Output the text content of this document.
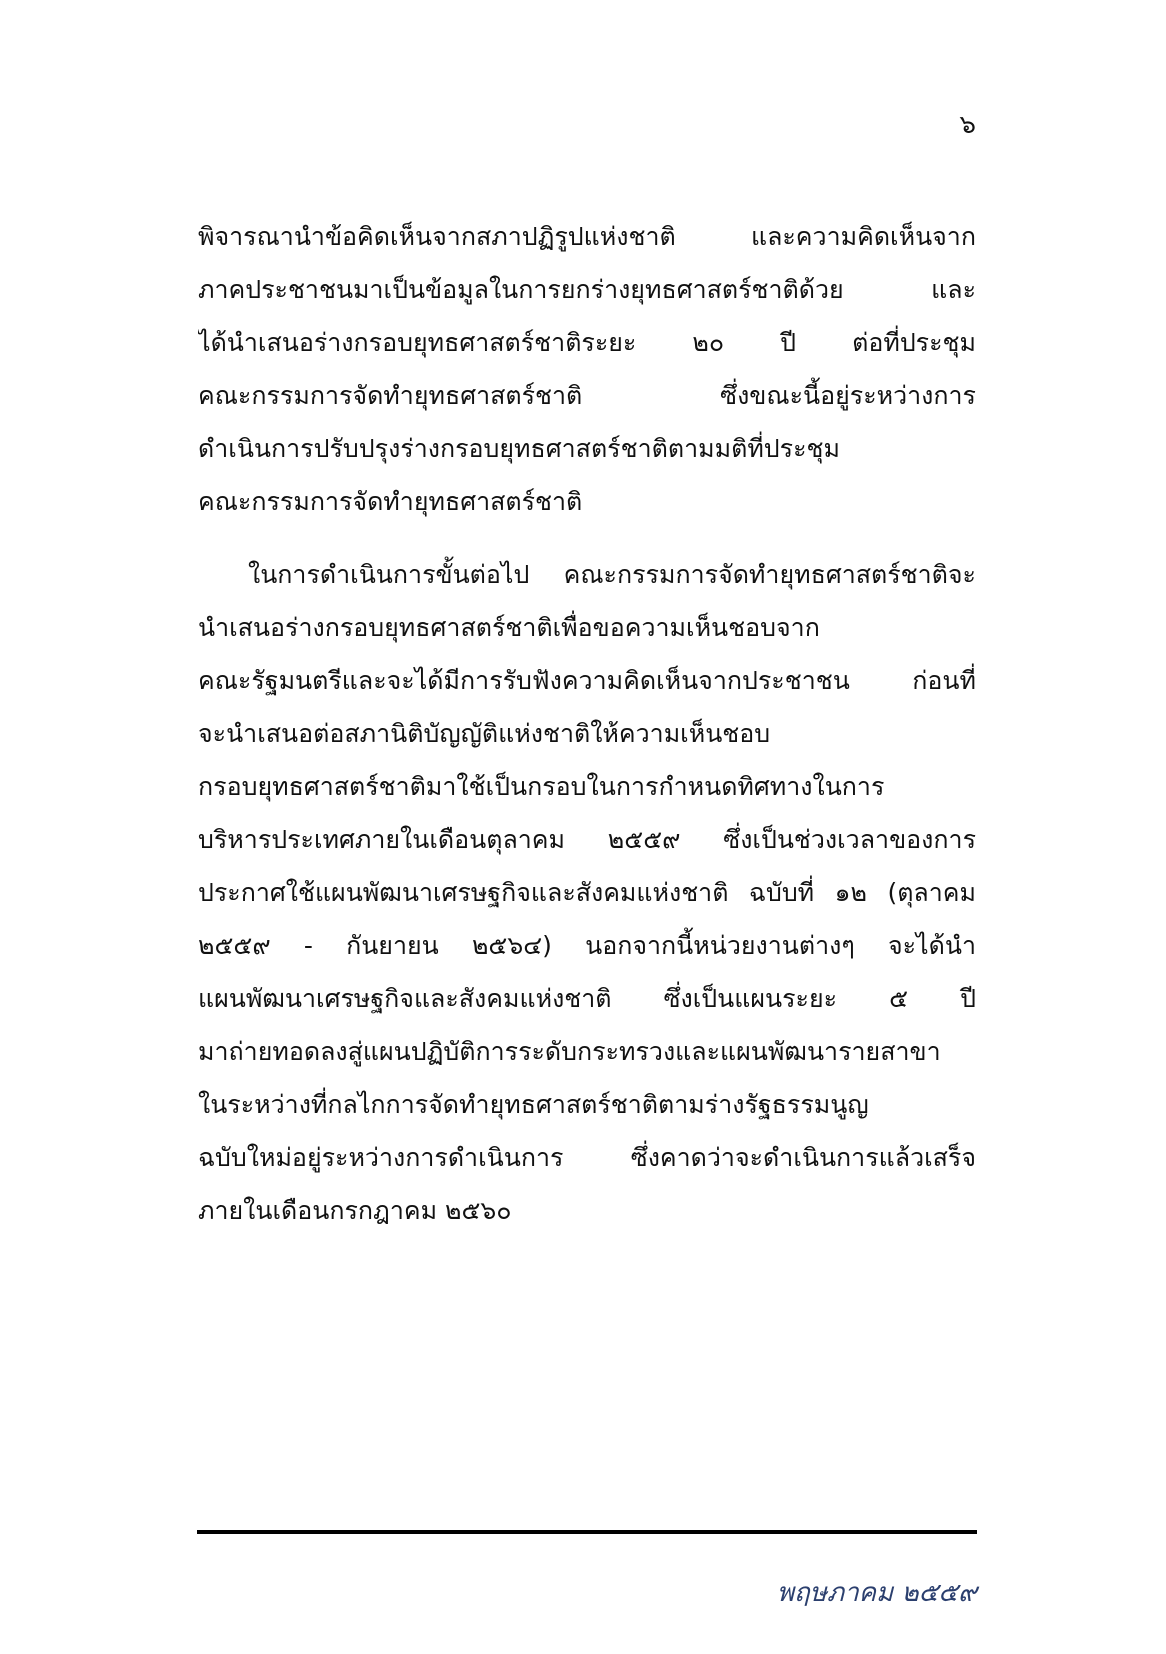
๖
พิจารณานำข้อคิดเห็นจากสภาปฏิรูปแห่งชาติ และความคิดเห็นจาก
ภาคประชาชนมาเป็นข้อมูลในการยกร่างยุทธศาสตร์ชาติด้วย และ
ได้นำเสนอร่างกรอบยุทธศาสตร์ชาติระยะ ๒๐ ปี ต่อที่ประชุม
คณะกรรมการจัดทำยุทธศาสตร์ชาติ ซึ่งขณะนี้อยู่ระหว่างการ
ดำเนินการปรับปรุงร่างกรอบยุทธศาสตร์ชาติตามมติที่ประชุม
คณะกรรมการจัดทำยุทธศาสตร์ชาติ
ในการดำเนินการขั้นต่อไป คณะกรรมการจัดทำยุทธศาสตร์ชาติจะ
นำเสนอร่างกรอบยุทธศาสตร์ชาติเพื่อขอความเห็นชอบจาก
คณะรัฐมนตรีและจะได้มีการรับฟังความคิดเห็นจากประชาชน ก่อนที่
จะนำเสนอต่อสภานิติบัญญัติแห่งชาติให้ความเห็นชอบ
กรอบยุทธศาสตร์ชาติมาใช้เป็นกรอบในการกำหนดทิศทางในการ
บริหารประเทศภายในเดือนตุลาคม ๒๕๕๙ ซึ่งเป็นช่วงเวลาของการ
ประกาศใช้แผนพัฒนาเศรษฐกิจและสังคมแห่งชาติ ฉบับที่ ๑๒ (ตุลาคม
๒๕๕๙ - กันยายน ๒๕๖๔) นอกจากนี้หน่วยงานต่างๆ จะได้นำ
แผนพัฒนาเศรษฐกิจและสังคมแห่งชาติ ซึ่งเป็นแผนระยะ ๕ ปี
มาถ่ายทอดลงสู่แผนปฏิบัติการระดับกระทรวงและแผนพัฒนารายสาขา
ในระหว่างที่กลไกการจัดทำยุทธศาสตร์ชาติตามร่างรัฐธรรมนูญ
ฉบับใหม่อยู่ระหว่างการดำเนินการ ซึ่งคาดว่าจะดำเนินการแล้วเสร็จ
ภายในเดือนกรกฎาคม ๒๕๖๐
พฤษภาคม ๒๕๕๙
